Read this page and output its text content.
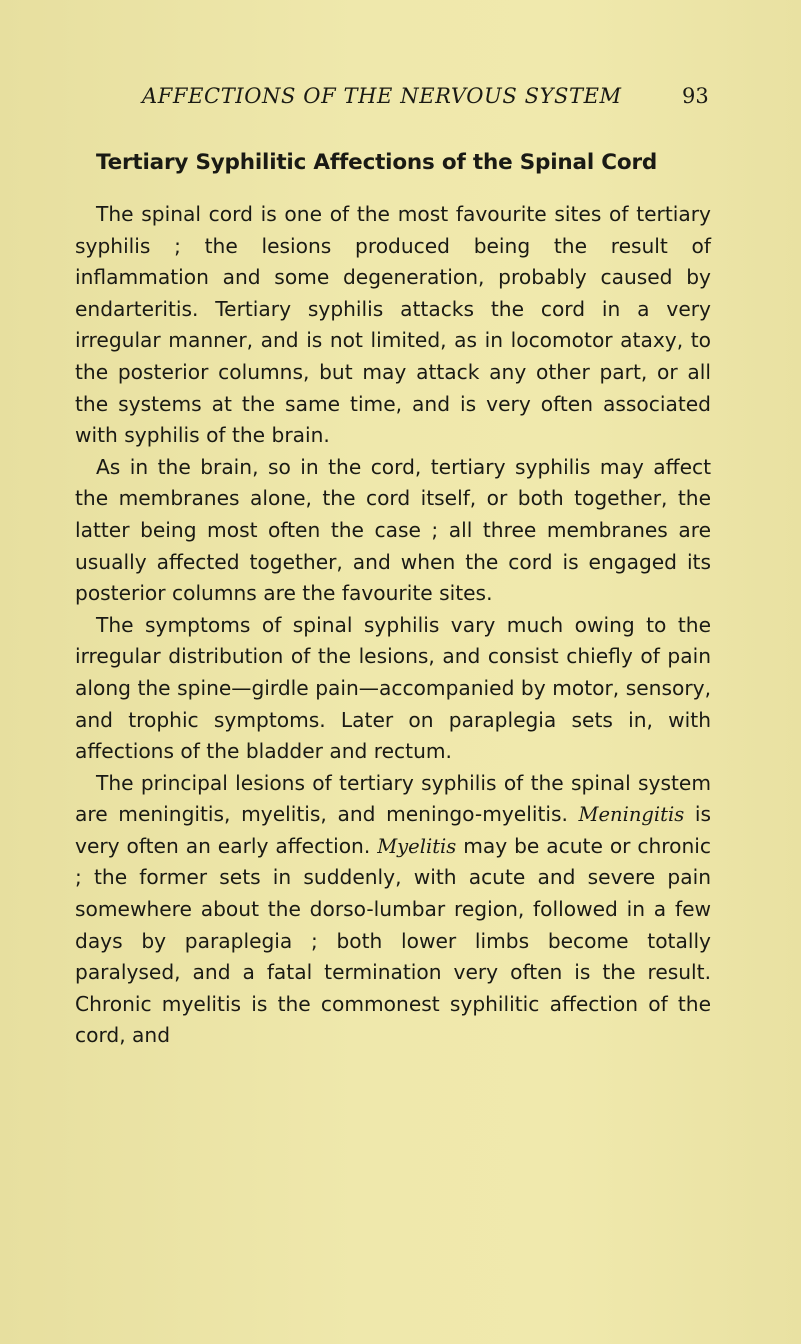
AFFECTIONS OF THE NERVOUS SYSTEM	93
Tertiary Syphilitic Affections of the Spinal Cord

The spinal cord is one of the most favourite sites of tertiary syphilis ; the lesions produced being the result of inflammation and some degeneration, probably caused by endarteritis. Tertiary syphilis attacks the cord in a very irregular manner, and is not limited, as in locomotor ataxy, to the posterior columns, but may attack any other part, or all the systems at the same time, and is very often associated with syphilis of the brain.

As in the brain, so in the cord, tertiary syphilis may affect the membranes alone, the cord itself, or both together, the latter being most often the case ; all three membranes are usually affected together, and when the cord is engaged its posterior columns are the favourite sites.

The symptoms of spinal syphilis vary much owing to the irregular distribution of the lesions, and consist chiefly of pain along the spine—girdle pain—accompanied by motor, sensory, and trophic symptoms. Later on paraplegia sets in, with affections of the bladder and rectum.

The principal lesions of tertiary syphilis of the spinal system are meningitis, myelitis, and meningo-myelitis. Meningitis is very often an early affection. Myelitis may be acute or chronic ; the former sets in suddenly, with acute and severe pain somewhere about the dorso-lumbar region, followed in a few days by paraplegia ; both lower limbs become totally paralysed, and a fatal termination very often is the result. Chronic myelitis is the commonest syphilitic affection of the cord, and
